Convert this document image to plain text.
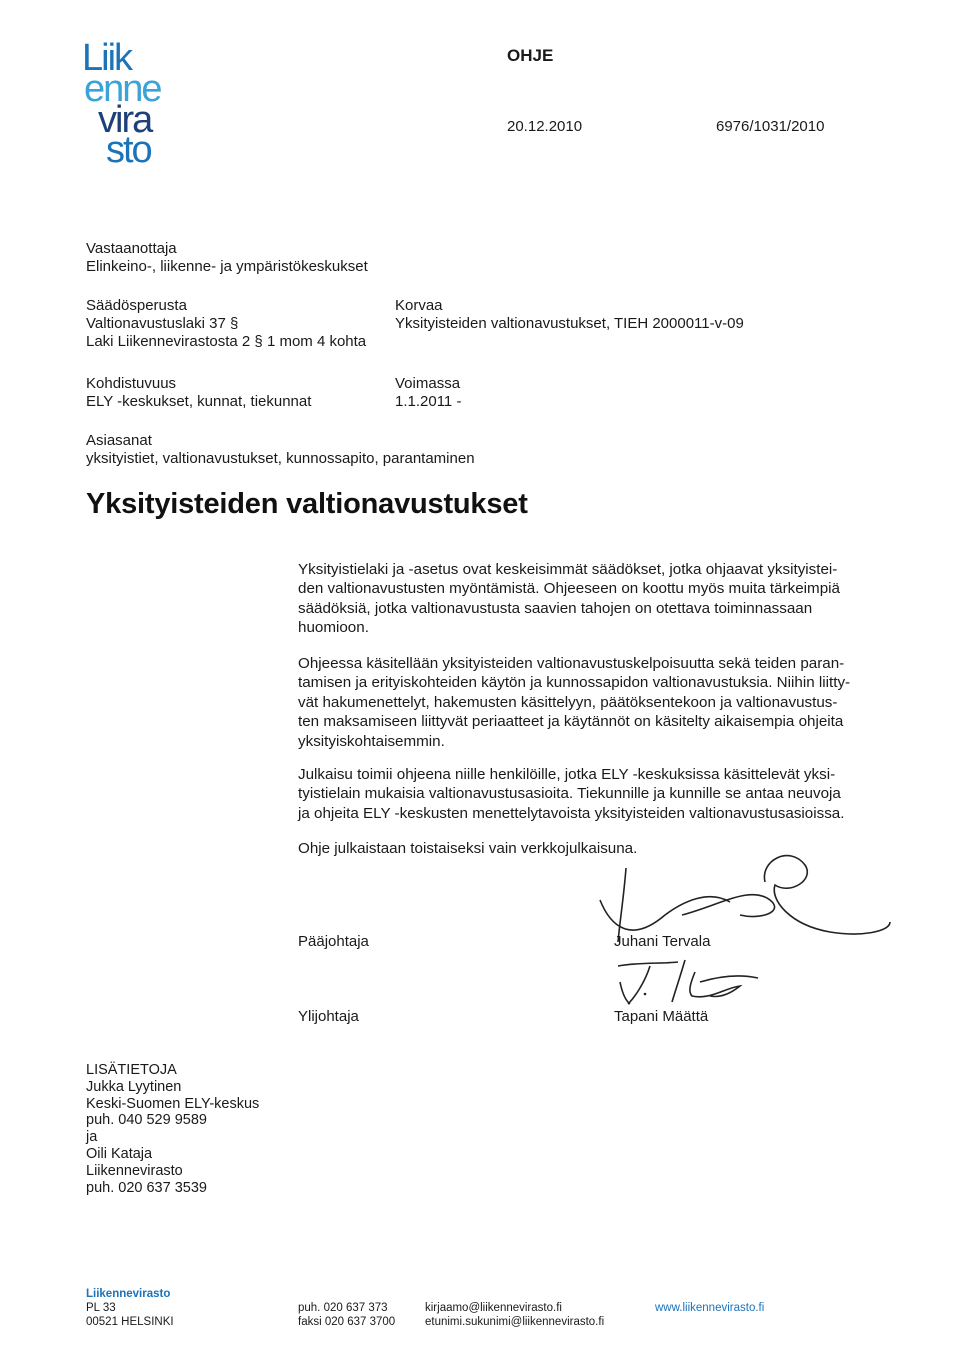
Liik
enne
vira
sto
OHJE
20.12.2010	6976/1031/2010
Vastaanottaja
Elinkeino-, liikenne- ja ympäristökeskukset
Säädösperusta
Valtionavustuslaki 37 §
Laki Liikennevirastosta 2 § 1 mom 4 kohta
Korvaa
Yksityisteiden valtionavustukset, TIEH 2000011-v-09
Kohdistuvuus
ELY -keskukset, kunnat, tiekunnat
Voimassa
1.1.2011 -
Asiasanat
yksityistiet, valtionavustukset, kunnossapito, parantaminen
Yksityisteiden valtionavustukset
Yksityistielaki ja -asetus ovat keskeisimmät säädökset, jotka ohjaavat yksityistei-
den valtionavustusten myöntämistä. Ohjeeseen on koottu myös muita tärkeimpiä
säädöksiä, jotka valtionavustusta saavien tahojen on otettava toiminnassaan
huomioon.
Ohjeessa käsitellään yksityisteiden valtionavustuskelpoisuutta sekä teiden paran-
tamisen ja erityiskohteiden käytön ja kunnossapidon valtionavustuksia. Niihin liitty-
vät hakumenettelyt, hakemusten käsittelyyn, päätöksentekoon ja valtionavustus-
ten maksamiseen liittyvät periaatteet ja käytännöt on käsitelty aikaisempia ohjeita
yksityiskohtaisemmin.
Julkaisu toimii ohjeena niille henkilöille, jotka ELY -keskuksissa käsittelevät yksi-
tyistielain mukaisia valtionavustusasioita. Tiekunnille ja kunnille se antaa neuvoja
ja ohjeita ELY -keskusten menettelytavoista yksityisteiden valtionavustusasioissa.
Ohje julkaistaan toistaiseksi vain verkkojulkaisuna.
Pääjohtaja	Juhani Tervala
Ylijohtaja	Tapani Määttä
LISÄTIETOJA
Jukka Lyytinen
Keski-Suomen ELY-keskus
puh. 040 529 9589
ja
Oili Kataja
Liikennevirasto
puh. 020 637 3539
Liikennevirasto
PL 33
00521 HELSINKI
puh. 020 637 373
faksi 020 637 3700
kirjaamo@liikennevirasto.fi
etunimi.sukunimi@liikennevirasto.fi
www.liikennevirasto.fi
